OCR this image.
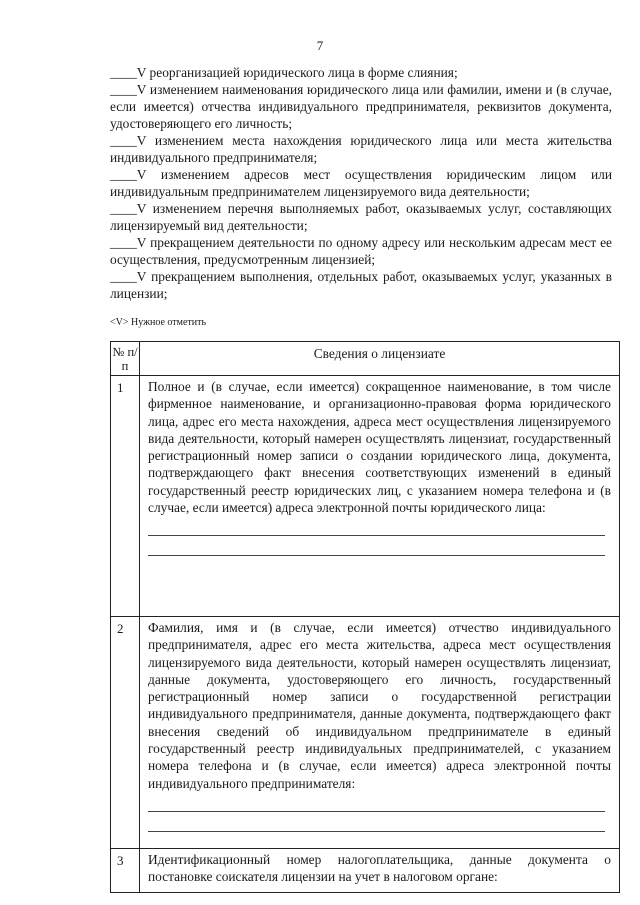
7

____V реорганизацией юридического лица в форме слияния;

____V изменением наименования юридического лица или фамилии, имени и (в случае, если имеется) отчества индивидуального предпринимателя, реквизитов документа, удостоверяющего его личность;

____V изменением места нахождения юридического лица или места жительства индивидуального предпринимателя;

____V изменением адресов мест осуществления юридическим лицом или индивидуальным предпринимателем лицензируемого вида деятельности;

____V изменением перечня выполняемых работ, оказываемых услуг, составляющих лицензируемый вид деятельности;

____V прекращением деятельности по одному адресу или нескольким адресам мест ее осуществления, предусмотренным лицензией;

____V прекращением выполнения, отдельных работ, оказываемых услуг, указанных в лицензии;

<V> Нужное отметить
№ п/п	Сведения о лицензиате
1	Полное и (в случае, если имеется) сокращенное наименование, в том числе фирменное наименование, и организационно-правовая форма юридического лица, адрес его места нахождения, адреса мест осуществления лицензируемого вида деятельности, который намерен осуществлять лицензиат, государственный регистрационный номер записи о создании юридического лица, документа, подтверждающего факт внесения соответствующих изменений в единый государственный реестр юридических лиц, с указанием номера телефона и (в случае, если имеется) адреса электронной почты юридического лица:

2	Фамилия, имя и (в случае, если имеется) отчество индивидуального предпринимателя, адрес его места жительства, адреса мест осуществления лицензируемого вида деятельности, который намерен осуществлять лицензиат, данные документа, удостоверяющего его личность, государственный регистрационный номер записи о государственной регистрации индивидуального предпринимателя, данные документа, подтверждающего факт внесения сведений об индивидуальном предпринимателе в единый государственный реестр индивидуальных предпринимателей, с указанием номера телефона и (в случае, если имеется) адреса электронной почты индивидуального предпринимателя:

3	Идентификационный номер налогоплательщика, данные документа о постановке соискателя лицензии на учет в налоговом органе:
